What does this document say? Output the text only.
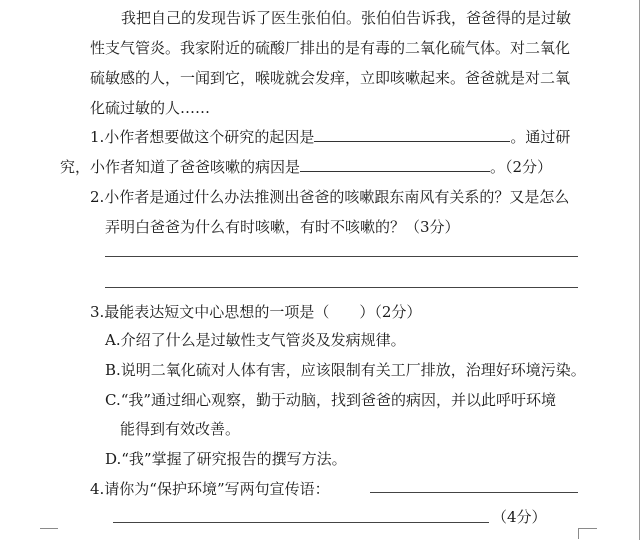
我把自己的发现告诉了医生张伯伯。张伯伯告诉我，爸爸得的是过敏
性支气管炎。我家附近的硫酸厂排出的是有毒的二氧化硫气体。对二氧化
硫敏感的人，一闻到它，喉咙就会发痒，立即咳嗽起来。爸爸就是对二氧
化硫过敏的人……
1.小作者想要做这个研究的起因是	。通过研
究，小作者知道了爸爸咳嗽的病因是	。（2分）
2.小作者是通过什么办法推测出爸爸的咳嗽跟东南风有关系的？又是怎么
弄明白爸爸为什么有时咳嗽，有时不咳嗽的？（3分）
3.最能表达短文中心思想的一项是（　　）（2分）
A.介绍了什么是过敏性支气管炎及发病规律。
B.说明二氧化硫对人体有害，应该限制有关工厂排放，治理好环境污染。
C.“我”通过细心观察，勤于动脑，找到爸爸的病因，并以此呼吁环境
能得到有效改善。
D.“我”掌握了研究报告的撰写方法。
4.请你为“保护环境”写两句宣传语：
（4分）
